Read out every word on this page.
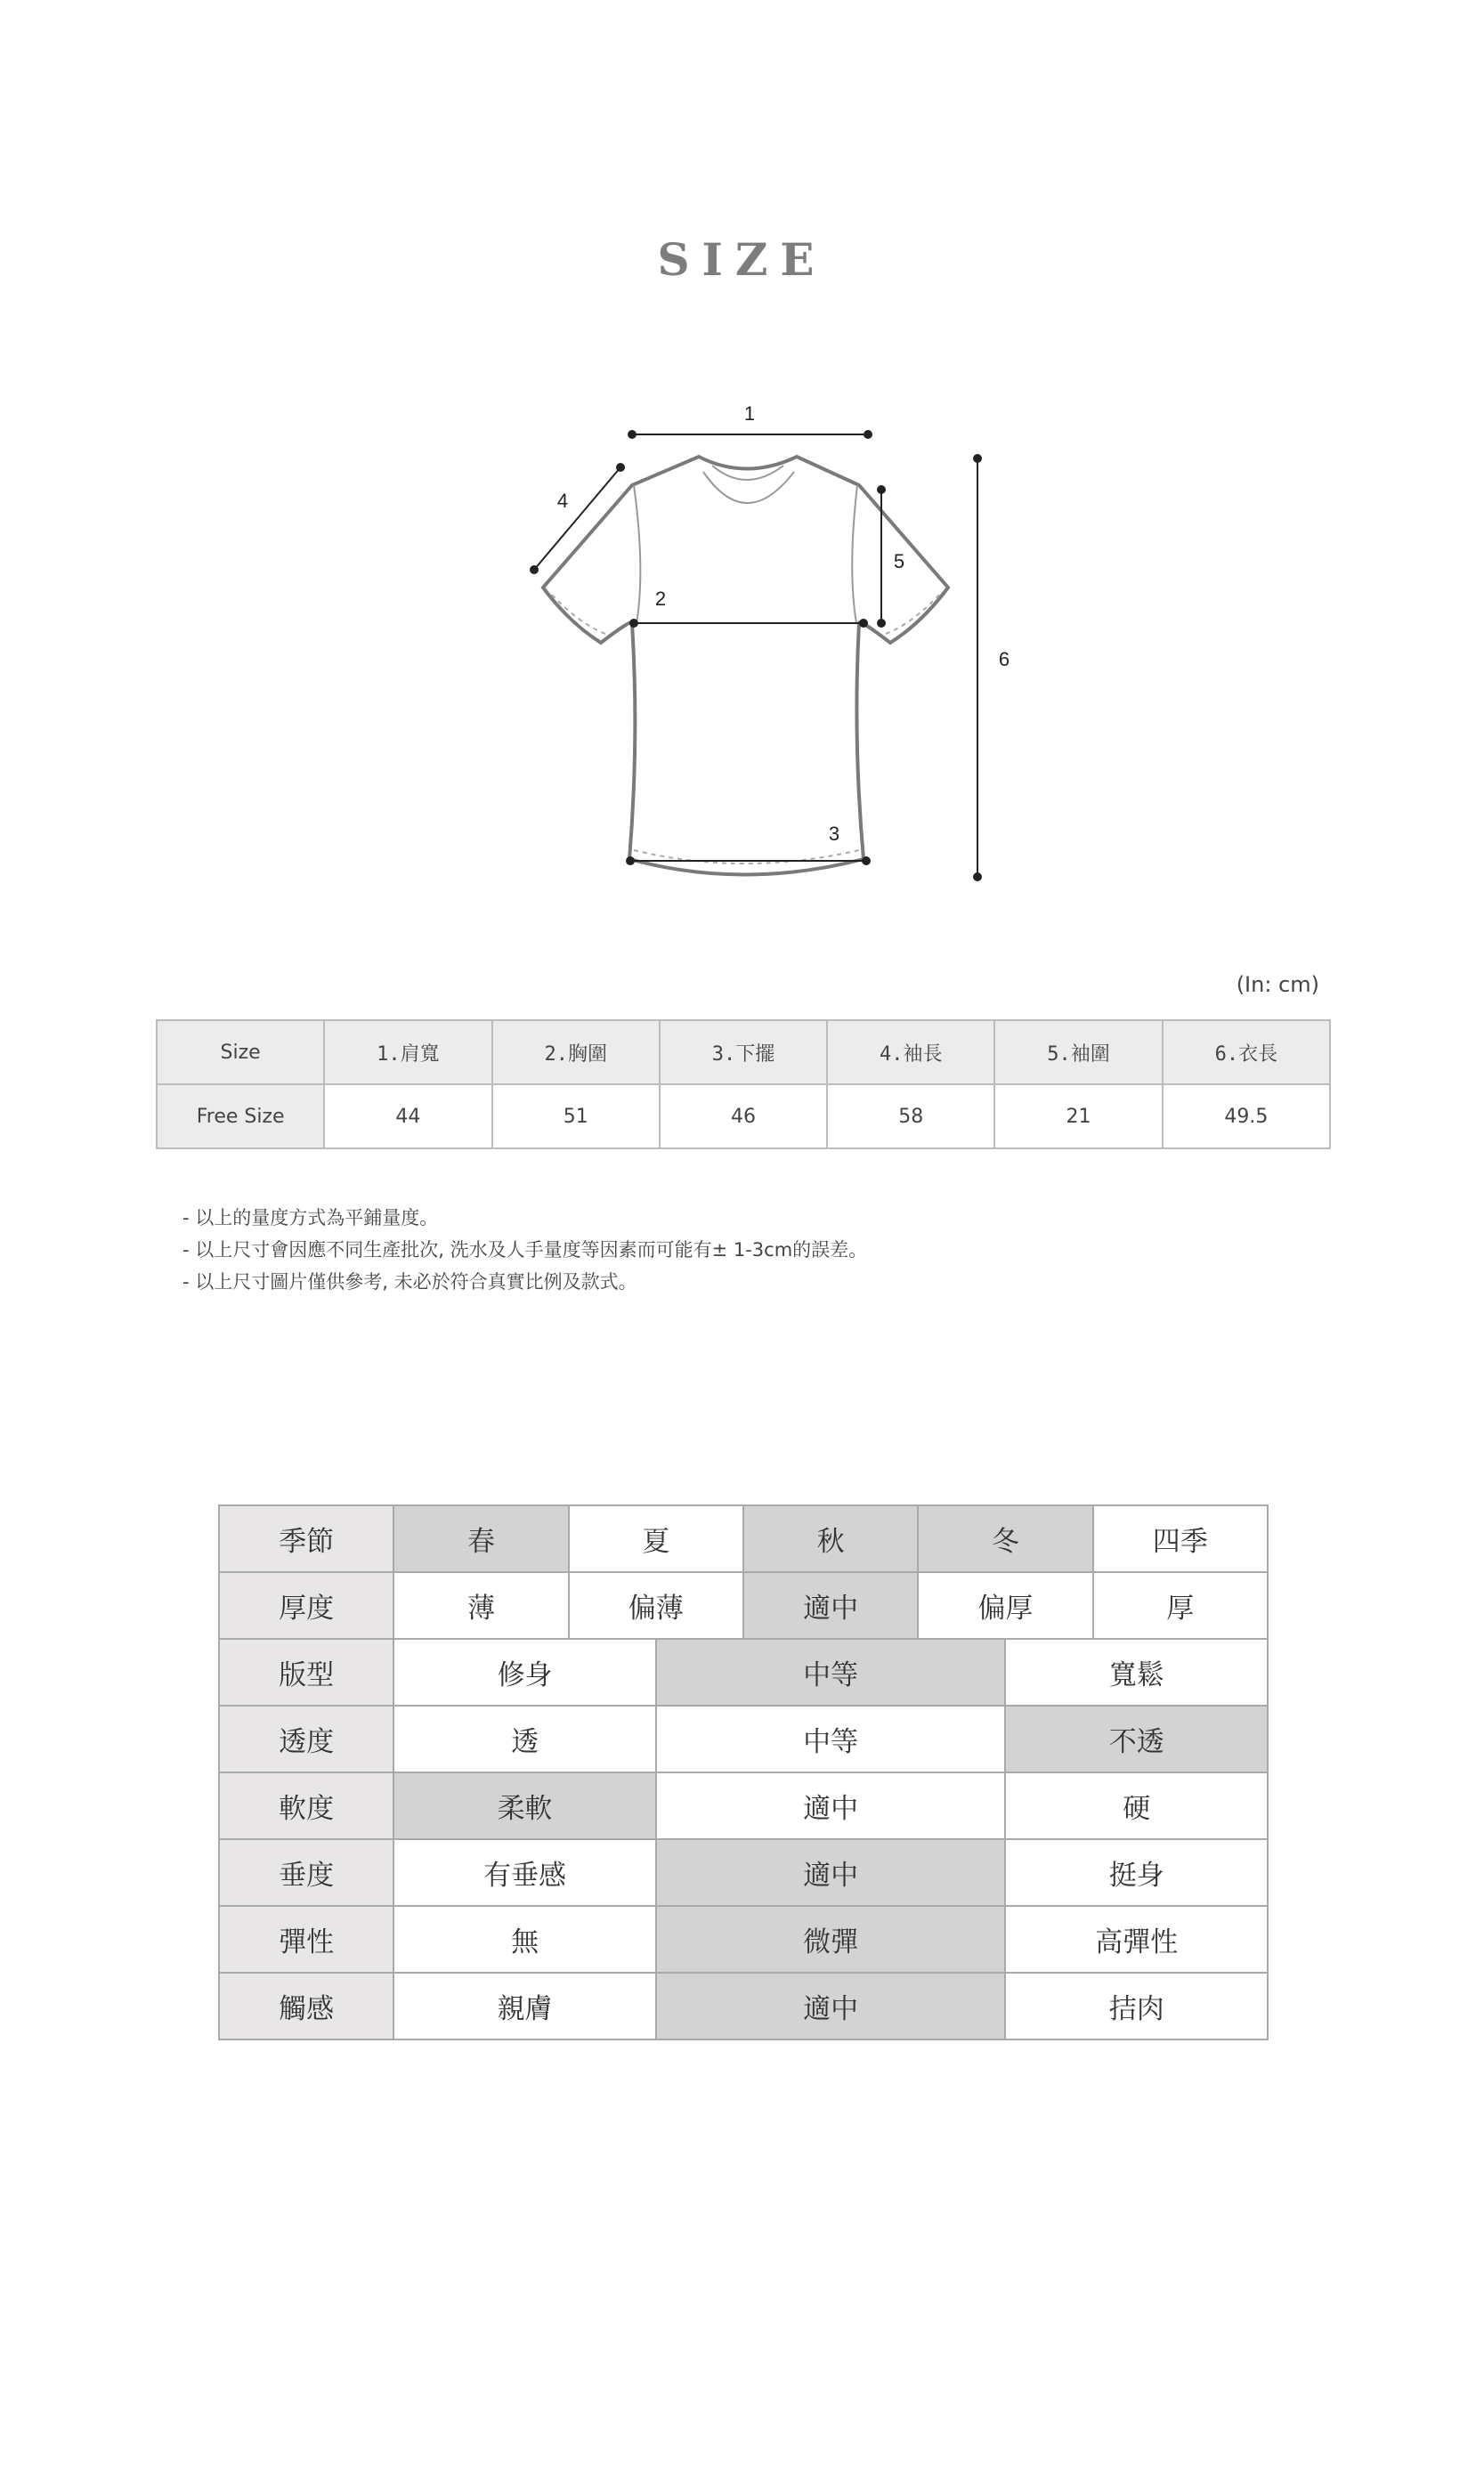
SIZE
1
2
3
4
5
6
(In: cm)
Size	1.肩寬	2.胸圍	3.下擺	4.袖長	5.袖圍	6.衣長
Free Size	44	51	46	58	21	49.5
- 以上的量度方式為平鋪量度。
- 以上尺寸會因應不同生產批次, 洗水及人手量度等因素而可能有± 1-3cm的誤差。
- 以上尺寸圖片僅供參考, 未必於符合真實比例及款式。
季節	春	夏		秋	冬		四季
厚度	薄	偏薄		適中	偏厚		厚
版型	修身		中等			寬鬆	
透度	透		中等			不透	
軟度	柔軟		適中			硬	
垂度	有垂感		適中			挺身	
彈性	無		微彈			高彈性	
觸感	親膚		適中			拮肉	
